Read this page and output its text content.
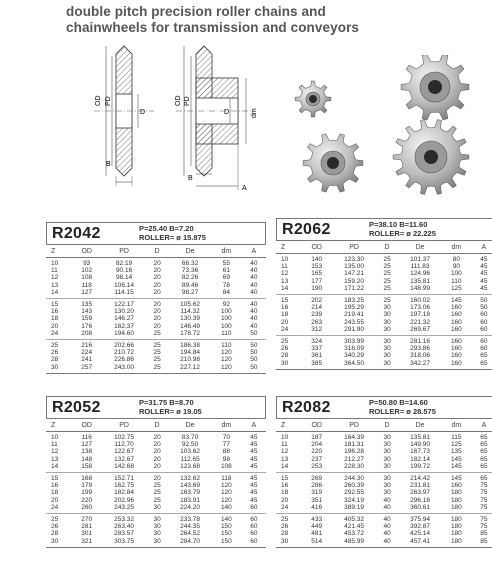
double pitch precision roller chains and
chainwheels for transmission and conveyors
OD PD
D
B
OD PD
D	dm
B
A
R2042	P=25.40 B=7.20
ROLLER= ø 15.875
Z	OD	PD	D	De	dm	A
10	93	82.19	20	66.32	55	40
11	102	90.16	20	73.36	61	40
12	108	98.14	20	82.26	69	40
13	118	106.14	20	89.46	78	40
14	127	114.15	20	98.27	84	40
15	135	122.17	20	105.62	92	40
16	143	130.20	20	114.32	100	40
18	159	146.27	20	130.39	100	40
20	176	162.37	20	146.49	100	40
24	208	194.60	25	178.72	110	50
25	216	202.66	25	186.38	110	50
26	224	210.72	25	194.84	120	50
28	241	226.86	25	210.98	120	50
30	257	243.00	25	227.12	120	50
R2062	P=38.10 B=11.60
ROLLER= ø 22.225
Z	OD	PD	D	De	dm	A
10	140	123.30	25	101.37	80	45
11	153	135.00	25	111.83	90	45
12	165	147.21	25	124.96	100	45
13	177	159.20	25	135.81	110	45
14	190	171.22	25	148.99	125	45
15	202	183.25	25	160.02	145	50
16	214	195.29	30	173.06	160	50
18	239	219.41	30	197.18	160	60
20	263	243.55	30	221.32	160	60
24	312	291.90	30	269.67	160	60
25	324	303.99	30	281.16	160	60
26	337	316.09	30	293.86	160	60
28	361	340.29	30	318.06	160	65
30	385	364.50	30	342.27	160	65
R2052	P=31.75 B=8.70
ROLLER= ø 19.05
Z	OD	PD	D	De	dm	A
10	116	102.75	20	83.70	70	45
11	127	112.70	20	92.50	77	45
12	138	122.67	20	103.62	88	45
13	148	132.67	20	112.65	98	45
14	158	142.68	20	123.68	108	45
15	168	152.71	20	132.62	118	45
16	179	162.75	25	143.69	120	45
18	199	182.84	25	163.79	120	45
20	220	202.96	25	183.91	120	45
24	260	243.25	30	224.20	140	60
25	270	253.32	30	233.78	140	60
26	281	263.40	30	244.35	150	60
28	301	283.57	30	264.52	150	60
30	321	303.75	30	284.70	150	60
R2082	P=50.80 B=14.60
ROLLER= ø 28.575
Z	OD	PD	D	De	dm	A
10	187	164.39	30	135.81	115	65
11	204	181.31	30	149.90	125	65
12	220	196.28	30	167.73	135	65
13	237	212.27	30	182.14	145	65
14	253	228.30	30	199.72	145	65
15	269	244.30	30	214.42	145	65
16	286	260.39	30	231.81	160	75
18	319	292.55	30	263.97	180	75
20	351	324.19	40	296.16	180	75
24	416	389.19	40	360.61	180	75
25	433	405.32	40	375.94	180	75
26	449	421.45	40	392.87	180	75
28	481	453.72	40	425.14	180	85
30	514	485.99	40	457.41	180	85
